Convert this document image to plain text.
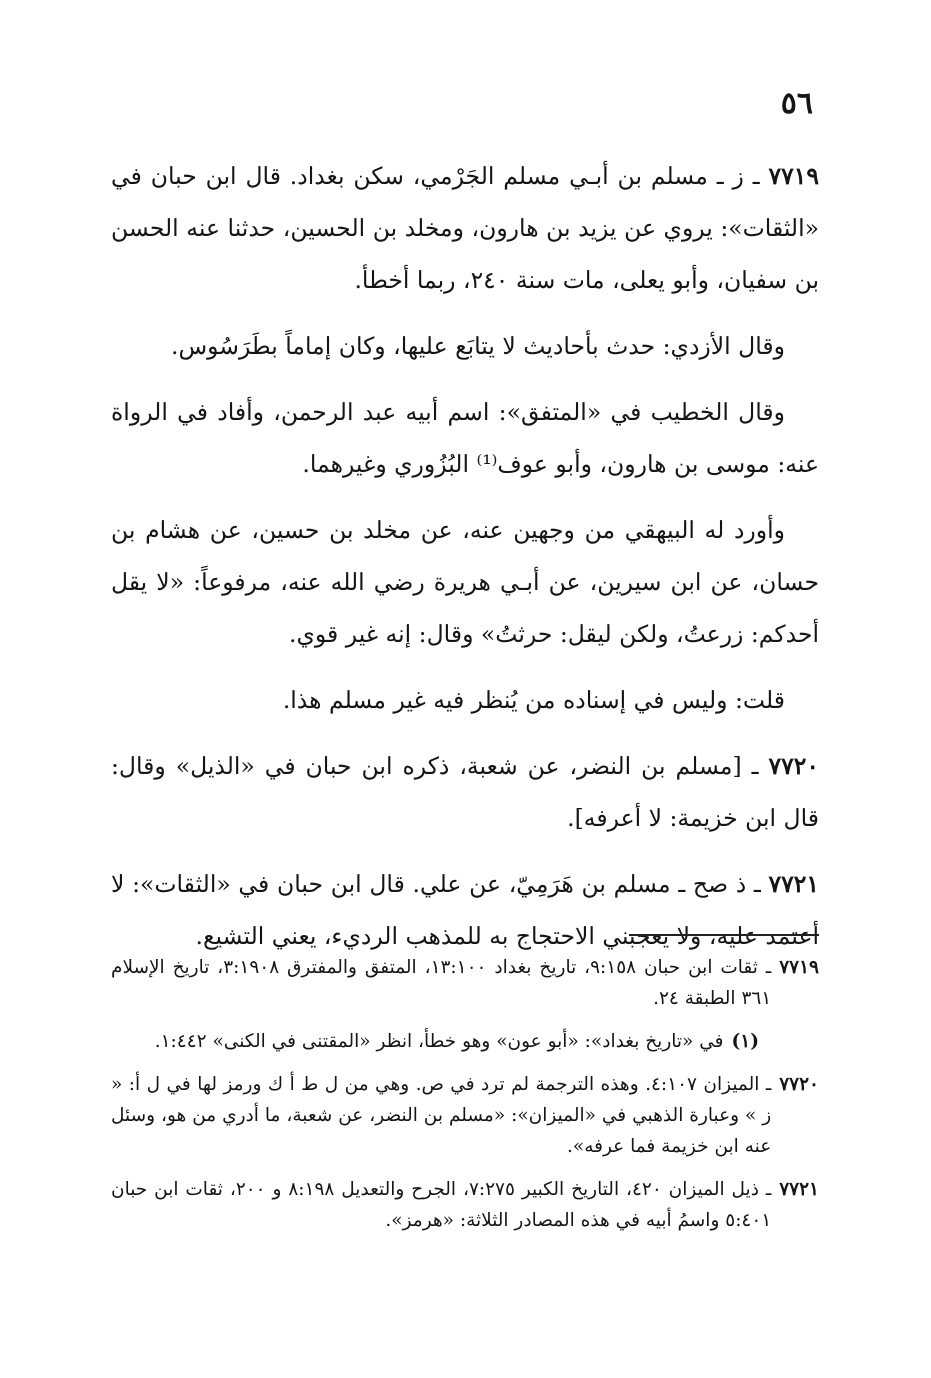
٥٦

٧٧١٩ ـ ز ـ مسلم بن أبـي مسلم الجَرْمي، سكن بغداد. قال ابن حبان في «الثقات»: يروي عن يزيد بن هارون، ومخلد بن الحسين، حدثنا عنه الحسن بن سفيان، وأبو يعلى، مات سنة ٢٤٠، ربما أخطأ.

وقال الأزدي: حدث بأحاديث لا يتابَع عليها، وكان إماماً بطَرَسُوس.

وقال الخطيب في «المتفق»: اسم أبيه عبد الرحمن، وأفاد في الرواة عنه: موسى بن هارون، وأبو عوف⁽¹⁾ البُزُوري وغيرهما.

وأورد له البيهقي من وجهين عنه، عن مخلد بن حسين، عن هشام بن حسان، عن ابن سيرين، عن أبـي هريرة رضي الله عنه، مرفوعاً: «لا يقل أحدكم: زرعتُ، ولكن ليقل: حرثتُ» وقال: إنه غير قوي.

قلت: وليس في إسناده من يُنظر فيه غير مسلم هذا.

٧٧٢٠ ـ [مسلم بن النضر، عن شعبة، ذكره ابن حبان في «الذيل» وقال: قال ابن خزيمة: لا أعرفه].

٧٧٢١ ـ ذ صح ـ مسلم بن هَرَمِيّ، عن علي. قال ابن حبان في «الثقات»: لا أعتمد عليه، ولا يعجبني الاحتجاج به للمذهب الرديء، يعني التشيع.

٧٧١٩
ـ ثقات ابن حبان ٩:١٥٨، تاريخ بغداد ١٣:١٠٠، المتفق والمفترق ٣:١٩٠٨، تاريخ الإسلام ٣٦١ الطبقة ٢٤.
(١)
في «تاريخ بغداد»: «أبو عون» وهو خطأ، انظر «المقتنى في الكنى» ١:٤٤٢.
٧٧٢٠
ـ الميزان ٤:١٠٧. وهذه الترجمة لم ترد في ص. وهي من ل ط أ ك ورمز لها في ل أ: « ز » وعبارة الذهبي في «الميزان»: «مسلم بن النضر، عن شعبة، ما أدري من هو، وسئل عنه ابن خزيمة فما عرفه».
٧٧٢١
ـ ذيل الميزان ٤٢٠، التاريخ الكبير ٧:٢٧٥، الجرح والتعديل ٨:١٩٨ و ٢٠٠، ثقات ابن حبان ٥:٤٠١ واسمُ أبيه في هذه المصادر الثلاثة: «هرمز».
